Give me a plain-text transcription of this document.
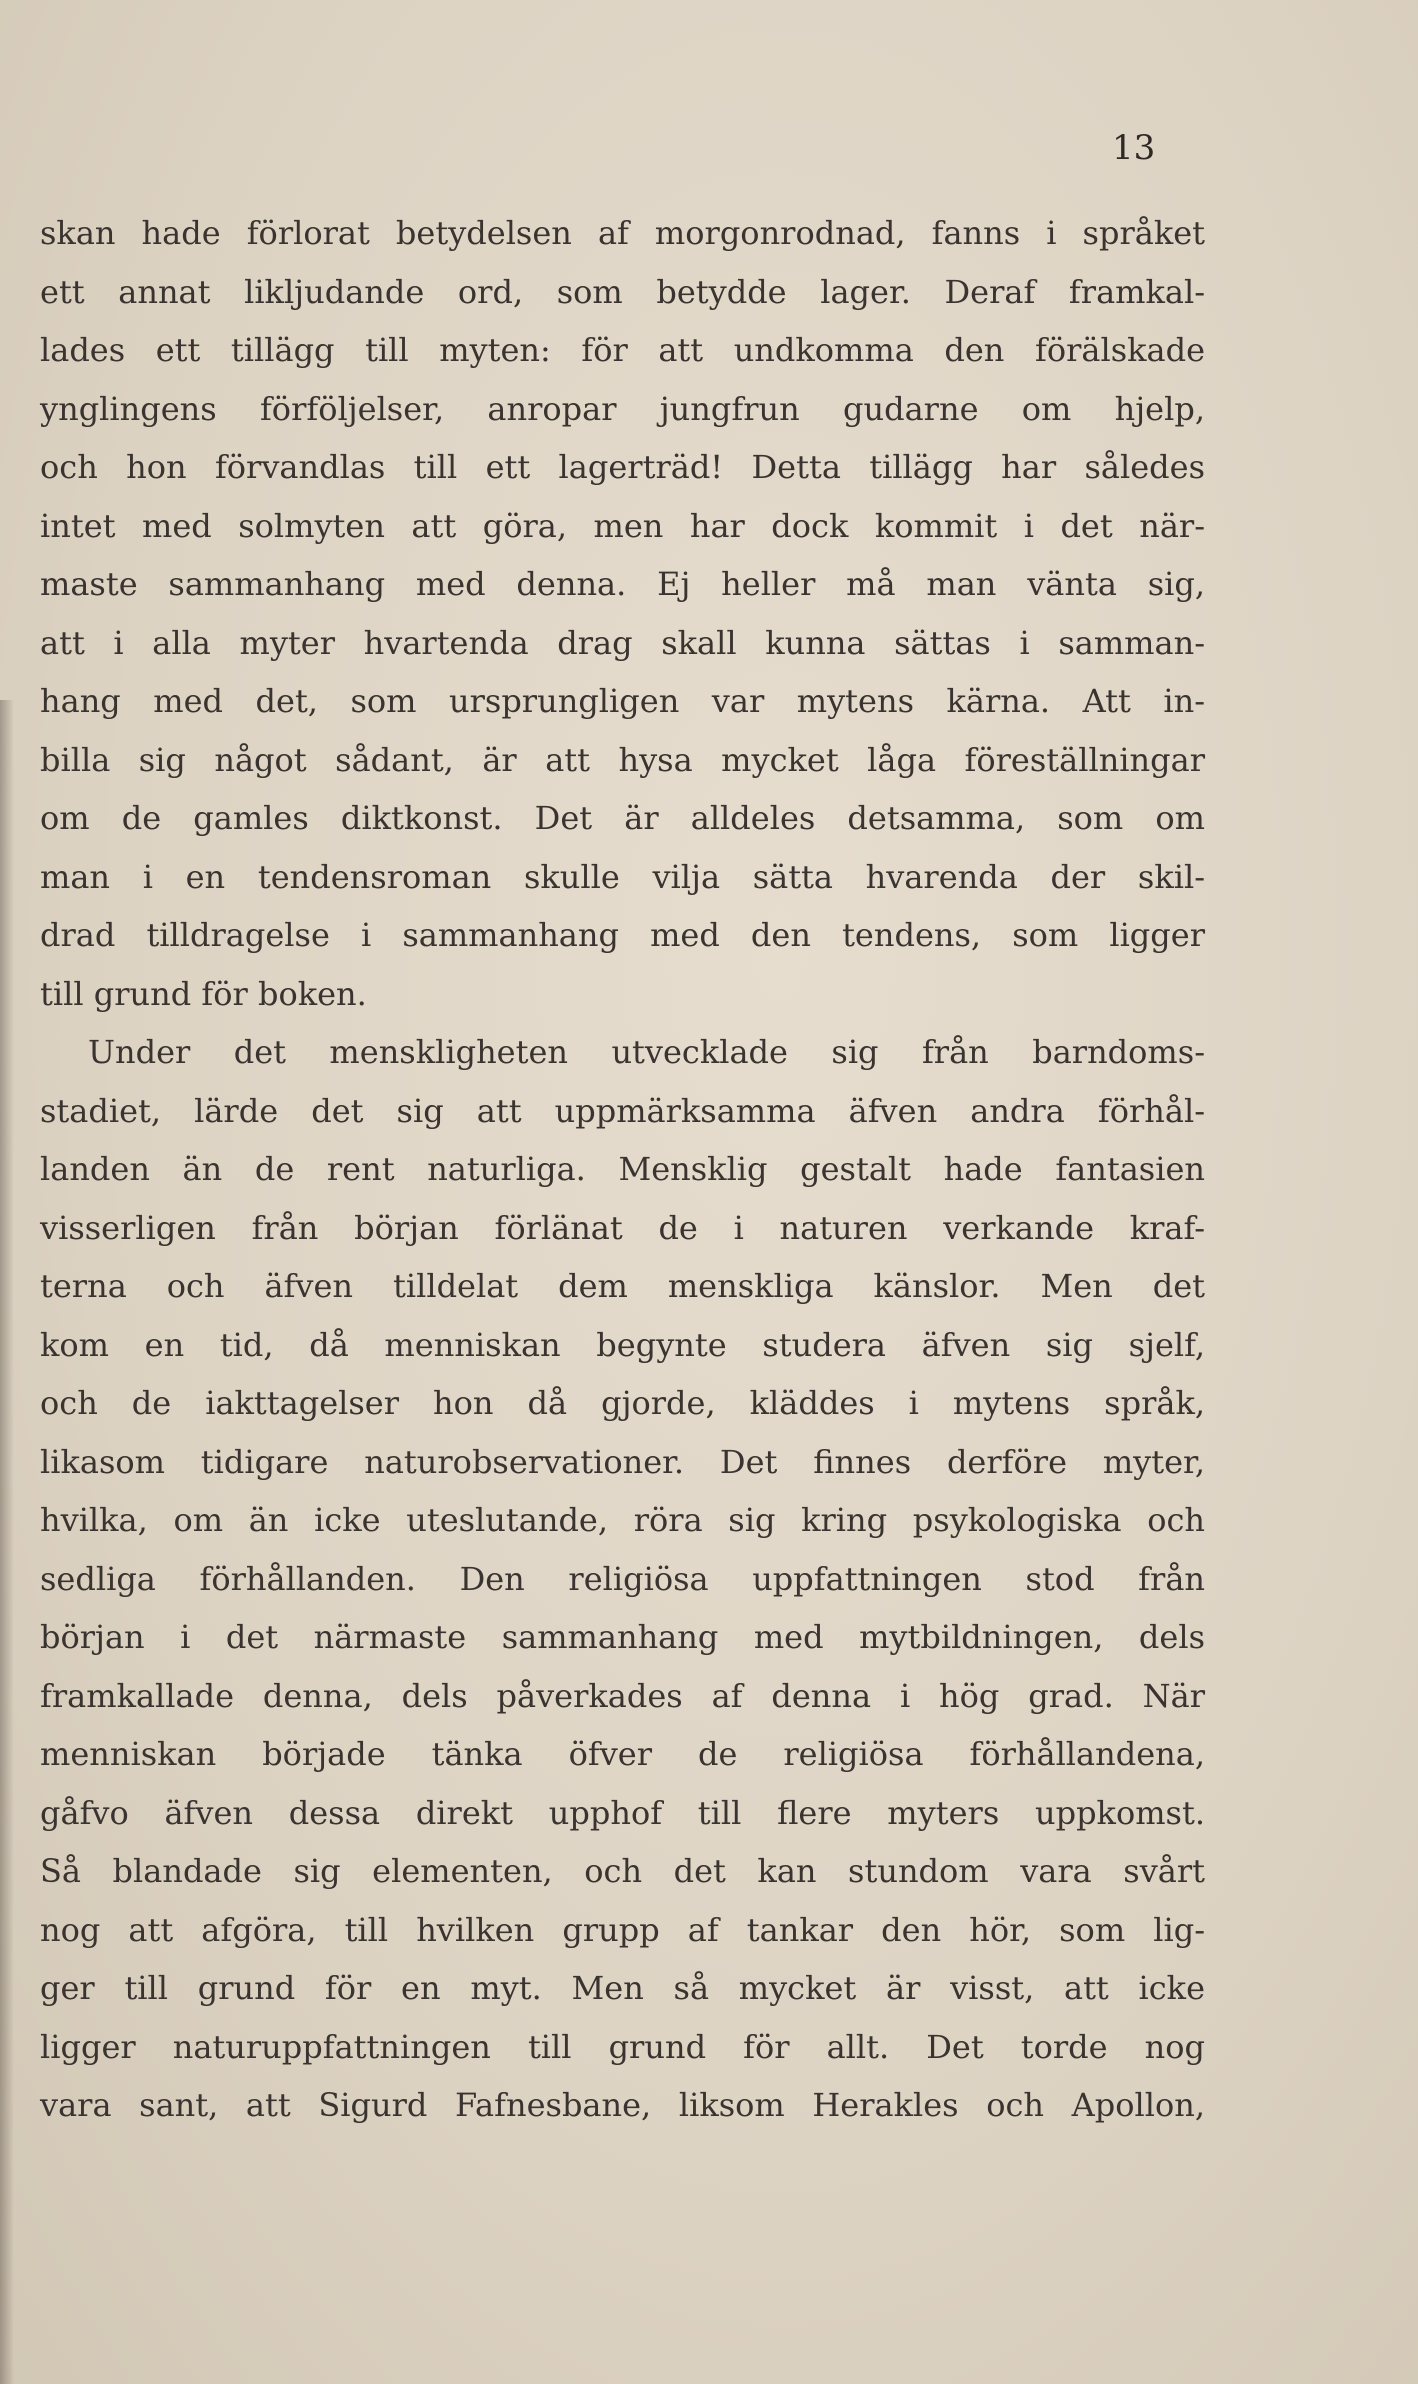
13
skan hade förlorat betydelsen af morgonrodnad, fanns i språket
ett annat likljudande ord, som betydde lager. Deraf framkal-
lades ett tillägg till myten: för att undkomma den förälskade
ynglingens förföljelser, anropar jungfrun gudarne om hjelp,
och hon förvandlas till ett lagerträd! Detta tillägg har således
intet med solmyten att göra, men har dock kommit i det när-
maste sammanhang med denna. Ej heller må man vänta sig,
att i alla myter hvartenda drag skall kunna sättas i samman-
hang med det, som ursprungligen var mytens kärna. Att in-
billa sig något sådant, är att hysa mycket låga föreställningar
om de gamles diktkonst. Det är alldeles detsamma, som om
man i en tendensroman skulle vilja sätta hvarenda der skil-
drad tilldragelse i sammanhang med den tendens, som ligger
till grund för boken.
Under det menskligheten utvecklade sig från barndoms-
stadiet, lärde det sig att uppmärksamma äfven andra förhål-
landen än de rent naturliga. Mensklig gestalt hade fantasien
visserligen från början förlänat de i naturen verkande kraf-
terna och äfven tilldelat dem menskliga känslor. Men det
kom en tid, då menniskan begynte studera äfven sig sjelf,
och de iakttagelser hon då gjorde, kläddes i mytens språk,
likasom tidigare naturobservationer. Det finnes derföre myter,
hvilka, om än icke uteslutande, röra sig kring psykologiska och
sedliga förhållanden. Den religiösa uppfattningen stod från
början i det närmaste sammanhang med mytbildningen, dels
framkallade denna, dels påverkades af denna i hög grad. När
menniskan började tänka öfver de religiösa förhållandena,
gåfvo äfven dessa direkt upphof till flere myters uppkomst.
Så blandade sig elementen, och det kan stundom vara svårt
nog att afgöra, till hvilken grupp af tankar den hör, som lig-
ger till grund för en myt. Men så mycket är visst, att icke
ligger naturuppfattningen till grund för allt. Det torde nog
vara sant, att Sigurd Fafnesbane, liksom Herakles och Apollon,
